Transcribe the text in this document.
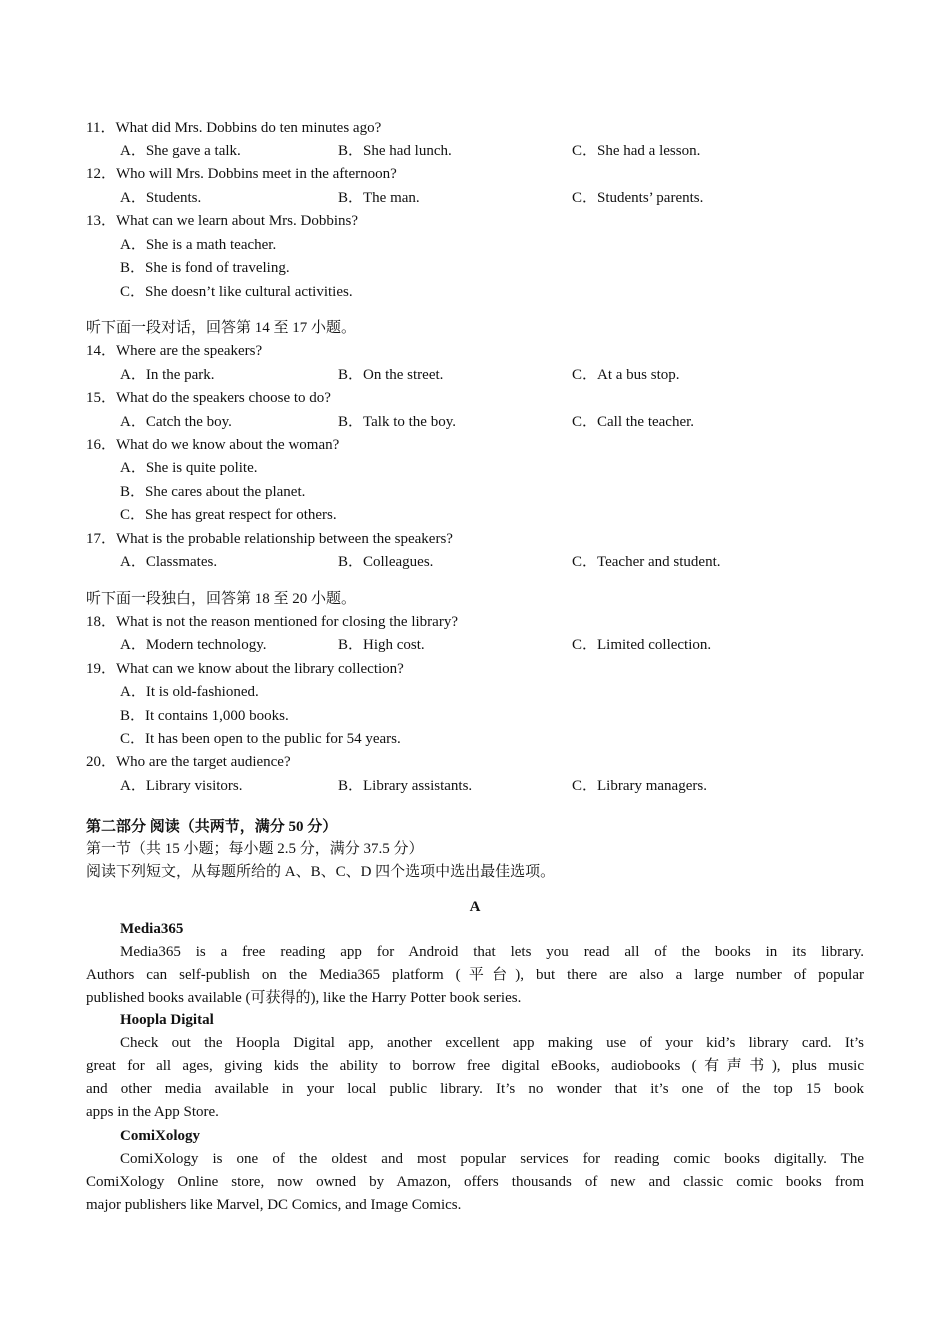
11．What did Mrs. Dobbins do ten minutes ago?
A．She gave a talk.	B．She had lunch.	C．She had a lesson.
12．Who will Mrs. Dobbins meet in the afternoon?
A．Students.	B．The man.	C．Students’ parents.
13．What can we learn about Mrs. Dobbins?
A．She is a math teacher.
B．She is fond of traveling.
C．She doesn’t like cultural activities.
听下面一段对话，回答第 14 至 17 小题。
14．Where are the speakers?
A．In the park.	B．On the street.	C．At a bus stop.
15．What do the speakers choose to do?
A．Catch the boy.	B．Talk to the boy.	C．Call the teacher.
16．What do we know about the woman?
A．She is quite polite.
B．She cares about the planet.
C．She has great respect for others.
17．What is the probable relationship between the speakers?
A．Classmates.	B．Colleagues.	C．Teacher and student.
听下面一段独白，回答第 18 至 20 小题。
18．What is not the reason mentioned for closing the library?
A．Modern technology.	B．High cost.	C．Limited collection.
19．What can we know about the library collection?
A．It is old-fashioned.
B．It contains 1,000 books.
C．It has been open to the public for 54 years.
20．Who are the target audience?
A．Library visitors.	B．Library assistants.	C．Library managers.
第二部分 阅读（共两节，满分 50 分）
第一节（共 15 小题；每小题 2.5 分，满分 37.5 分）
阅读下列短文，从每题所给的 A、B、C、D 四个选项中选出最佳选项。
A
Media365
Media365 is a free reading app for Android that lets you read all of the books in its library.
Authors can self-publish on the Media365 platform (平台), but there are also a large number of popular
published books available (可获得的), like the Harry Potter book series.
Hoopla Digital
Check out the Hoopla Digital app, another excellent app making use of your kid’s library card. It’s
great for all ages, giving kids the ability to borrow free digital eBooks, audiobooks (有声书), plus music
and other media available in your local public library. It’s no wonder that it’s one of the top 15 book
apps in the App Store.
ComiXology
ComiXology is one of the oldest and most popular services for reading comic books digitally. The
ComiXology Online store, now owned by Amazon, offers thousands of new and classic comic books from
major publishers like Marvel, DC Comics, and Image Comics.
